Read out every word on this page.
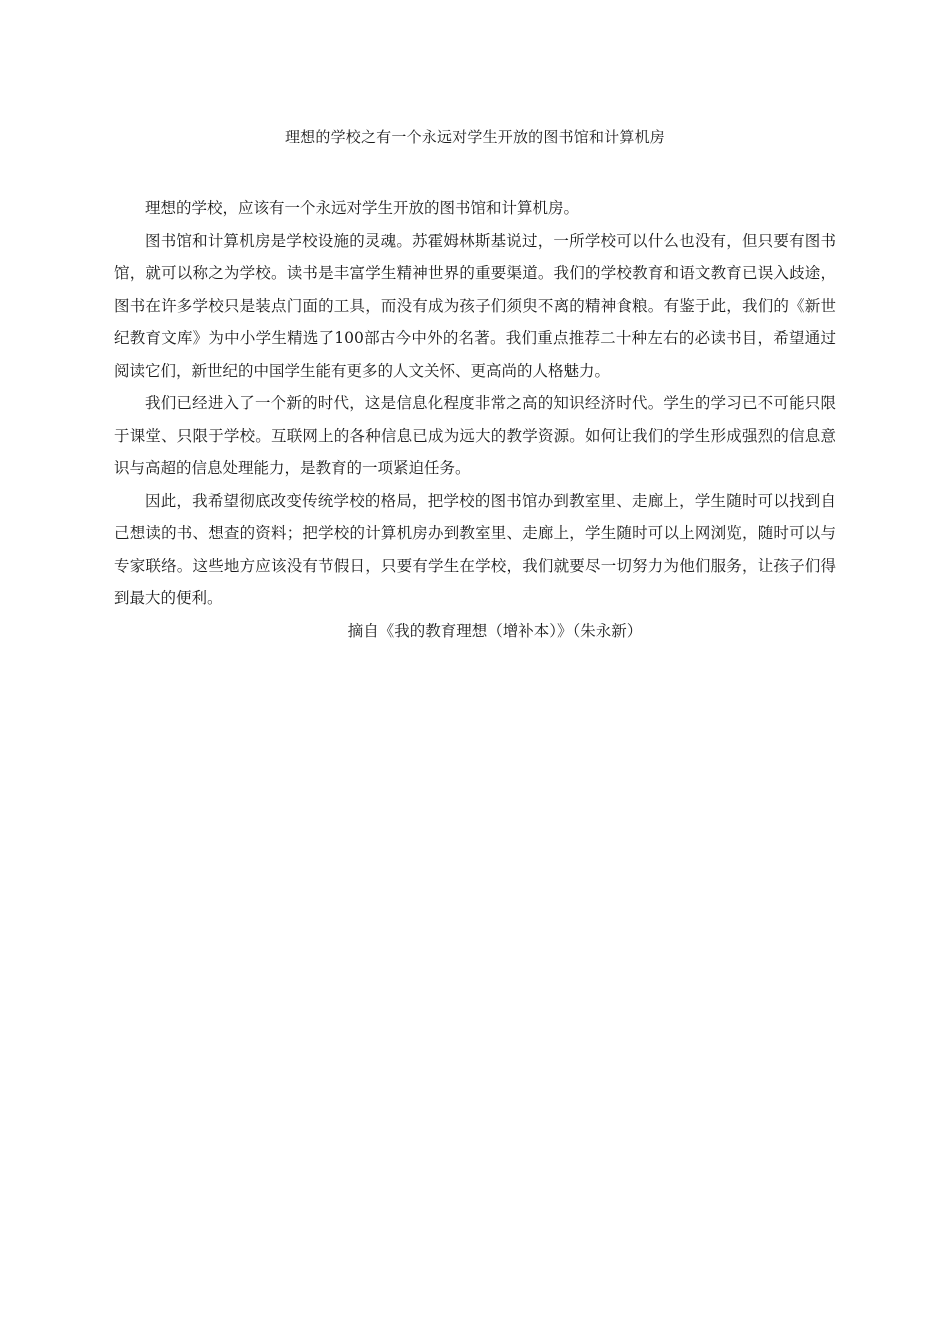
理想的学校之有一个永远对学生开放的图书馆和计算机房

理想的学校，应该有一个永远对学生开放的图书馆和计算机房。

图书馆和计算机房是学校设施的灵魂。苏霍姆林斯基说过，一所学校可以什么也没有，但只要有图书馆，就可以称之为学校。读书是丰富学生精神世界的重要渠道。我们的学校教育和语文教育已误入歧途，图书在许多学校只是装点门面的工具，而没有成为孩子们须臾不离的精神食粮。有鉴于此，我们的《新世纪教育文库》为中小学生精选了100部古今中外的名著。我们重点推荐二十种左右的必读书目，希望通过阅读它们，新世纪的中国学生能有更多的人文关怀、更高尚的人格魅力。

我们已经进入了一个新的时代，这是信息化程度非常之高的知识经济时代。学生的学习已不可能只限于课堂、只限于学校。互联网上的各种信息已成为远大的教学资源。如何让我们的学生形成强烈的信息意识与高超的信息处理能力，是教育的一项紧迫任务。

因此，我希望彻底改变传统学校的格局，把学校的图书馆办到教室里、走廊上，学生随时可以找到自己想读的书、想查的资料；把学校的计算机房办到教室里、走廊上，学生随时可以上网浏览，随时可以与专家联络。这些地方应该没有节假日，只要有学生在学校，我们就要尽一切努力为他们服务，让孩子们得到最大的便利。

摘自《我的教育理想（增补本）》（朱永新）
